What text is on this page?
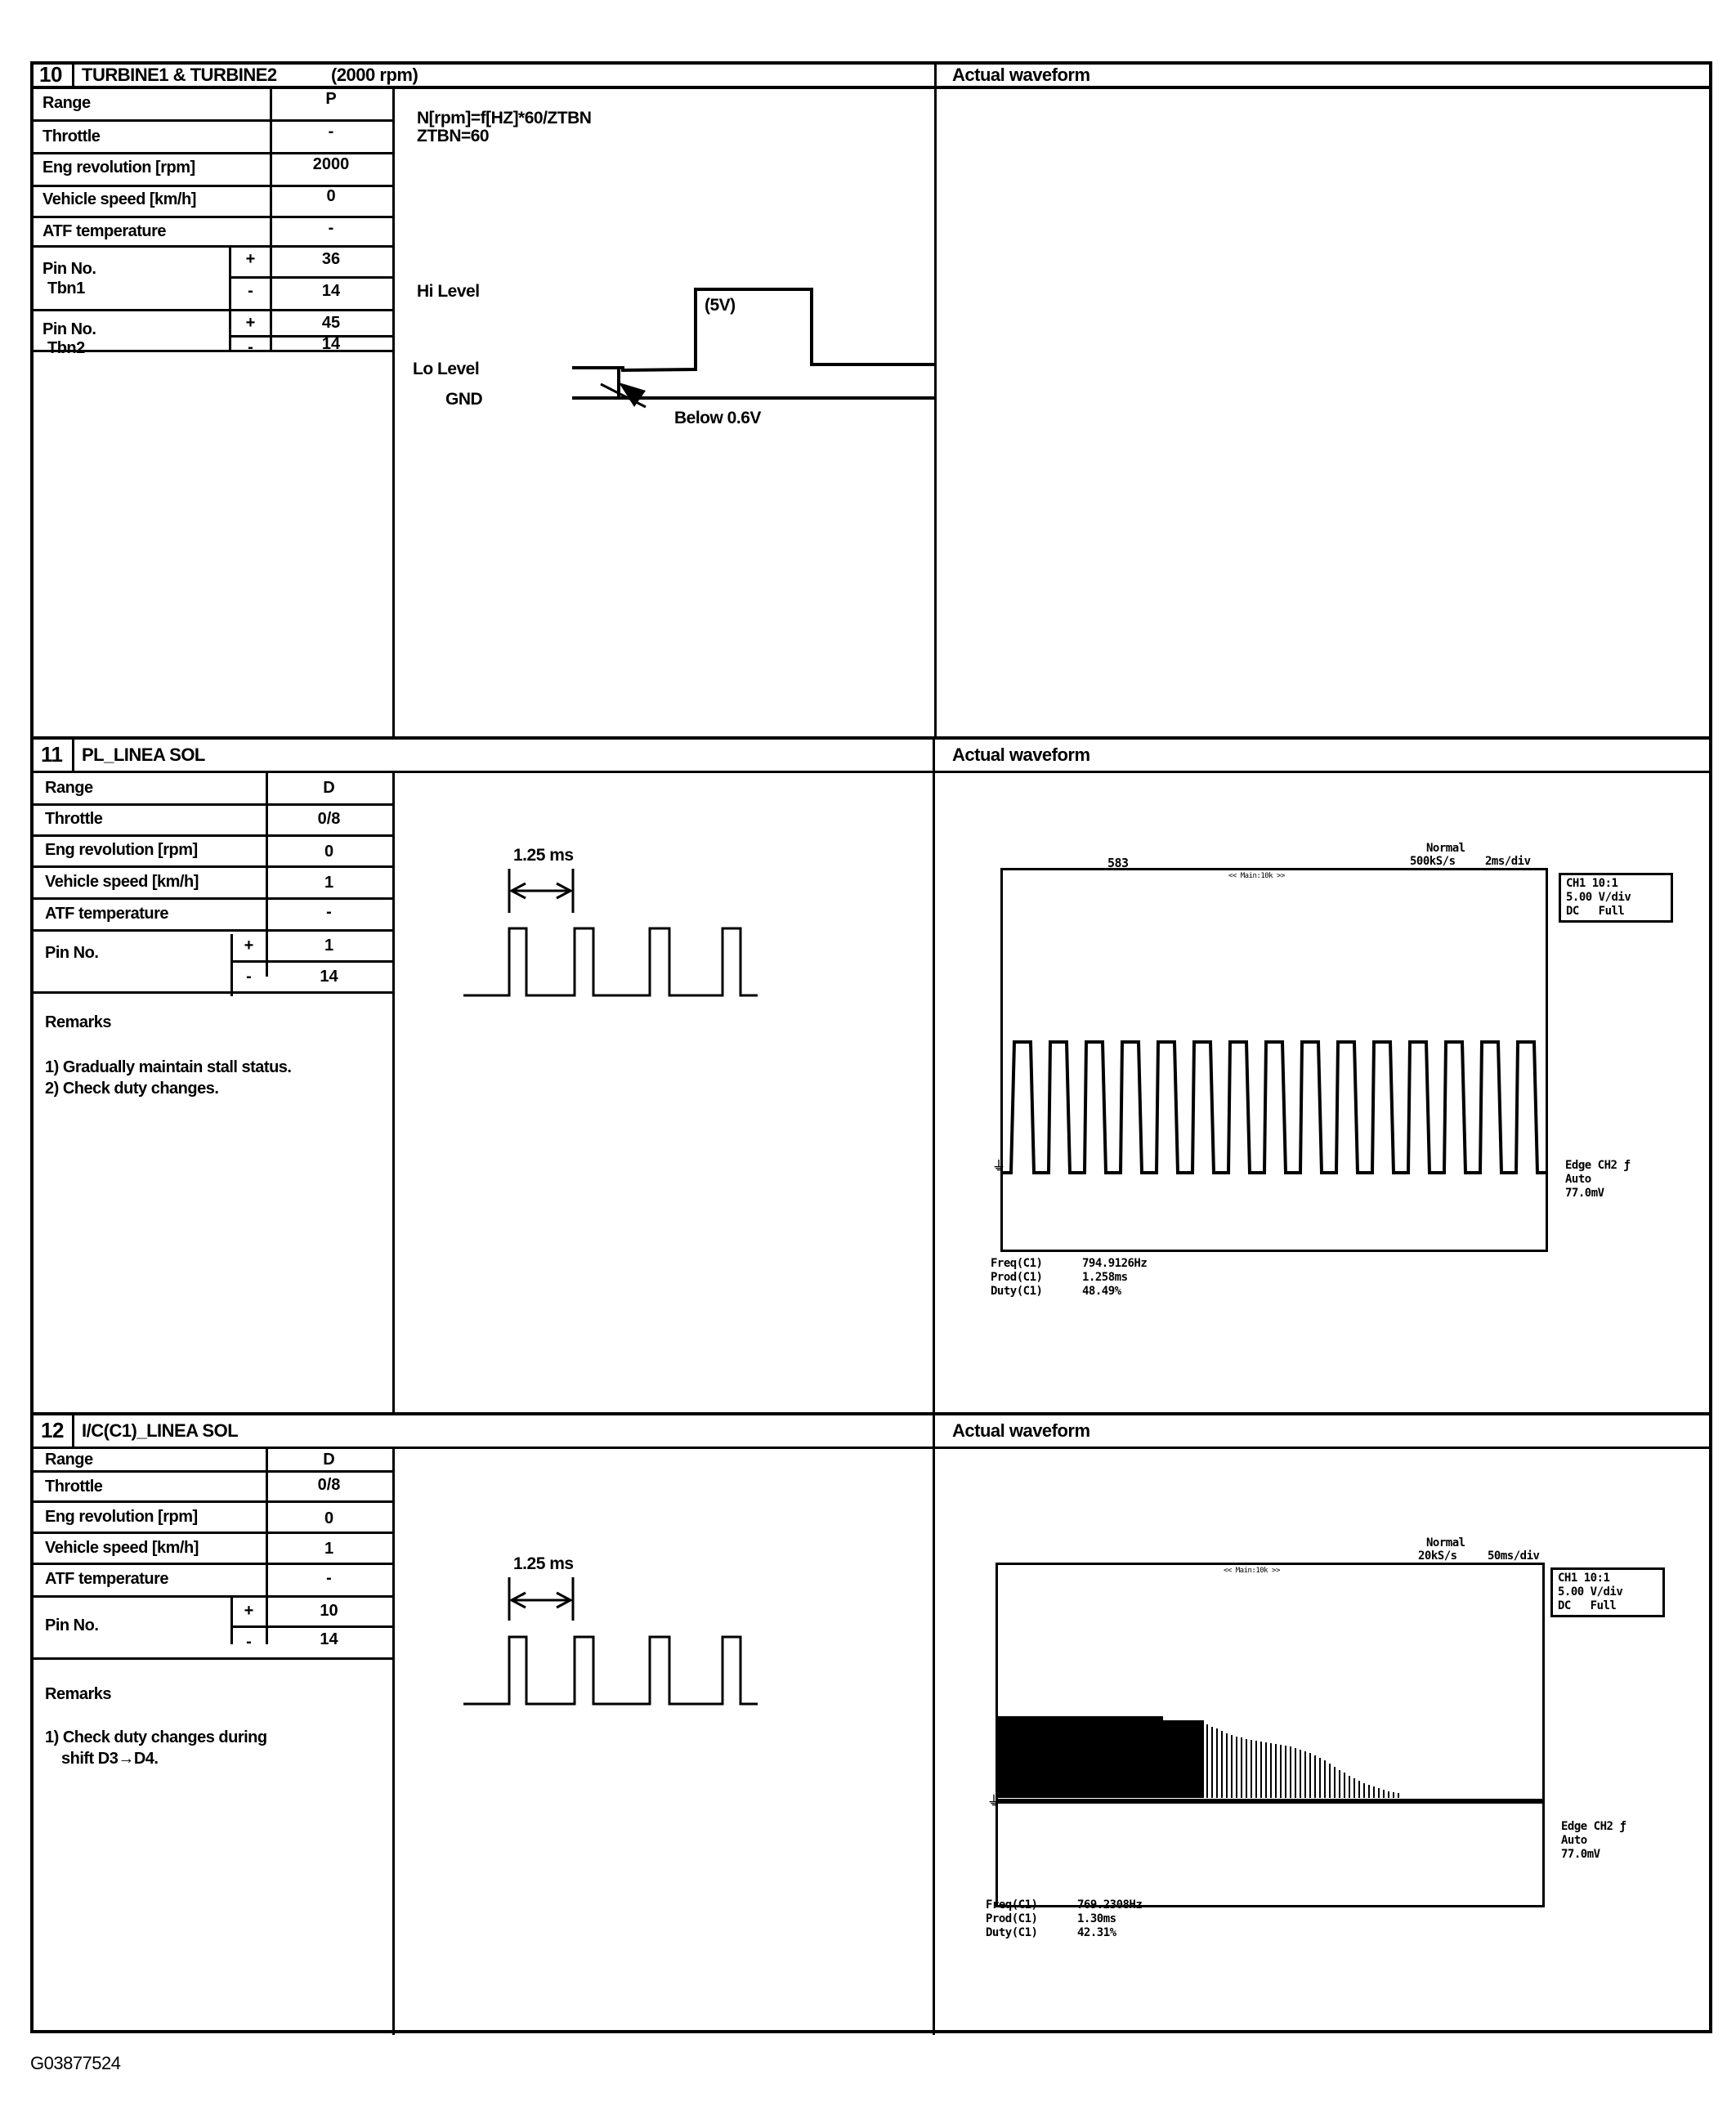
10 TURBINE1 & TURBINE2	(2000 rpm)	Actual waveform
Range	P
Throttle	-
Eng revolution [rpm]	2000
Vehicle speed [km/h]	0
ATF temperature	-
Pin No.
Tbn1
+	36
-	14
Pin No.
Tbn2
+	45
-	14
N[rpm]=f[HZ]*60/ZTBN
ZTBN=60
Hi Level
(5V)
Lo Level
GND
Below 0.6V
11 PL_LINEA SOL	Actual waveform
Range	D
Throttle	0/8
Eng revolution [rpm]	0
Vehicle speed [km/h]	1
ATF temperature	-
Pin No.	+	1
-	14
Remarks
1) Gradually maintain stall status.
2) Check duty changes.
1.25 ms	583
Normal
500kS/s	2ms/div
<< Main:10k >>
⏚
CH1 10:1
5.00 V/div
DC   Full
Edge CH2 ƒ
Auto
77.0mV
Freq(C1)	794.9126Hz
Prod(C1)	1.258ms
Duty(C1)	48.49%
12 I/C(C1)_LINEA SOL	Actual waveform
Range	D
Throttle	0/8
Eng revolution [rpm]	0
Vehicle speed [km/h]	1
ATF temperature	-
Pin No.
+	10
-	14
Remarks
1) Check duty changes during
shift D3→D4.
1.25 ms
Normal
20kS/s	50ms/div
<< Main:10k >>
⏚
CH1 10:1
5.00 V/div
DC   Full
Edge CH2 ƒ
Auto
77.0mV
Freq(C1)	769.2308Hz
Prod(C1)	1.30ms
Duty(C1)	42.31%
G03877524
